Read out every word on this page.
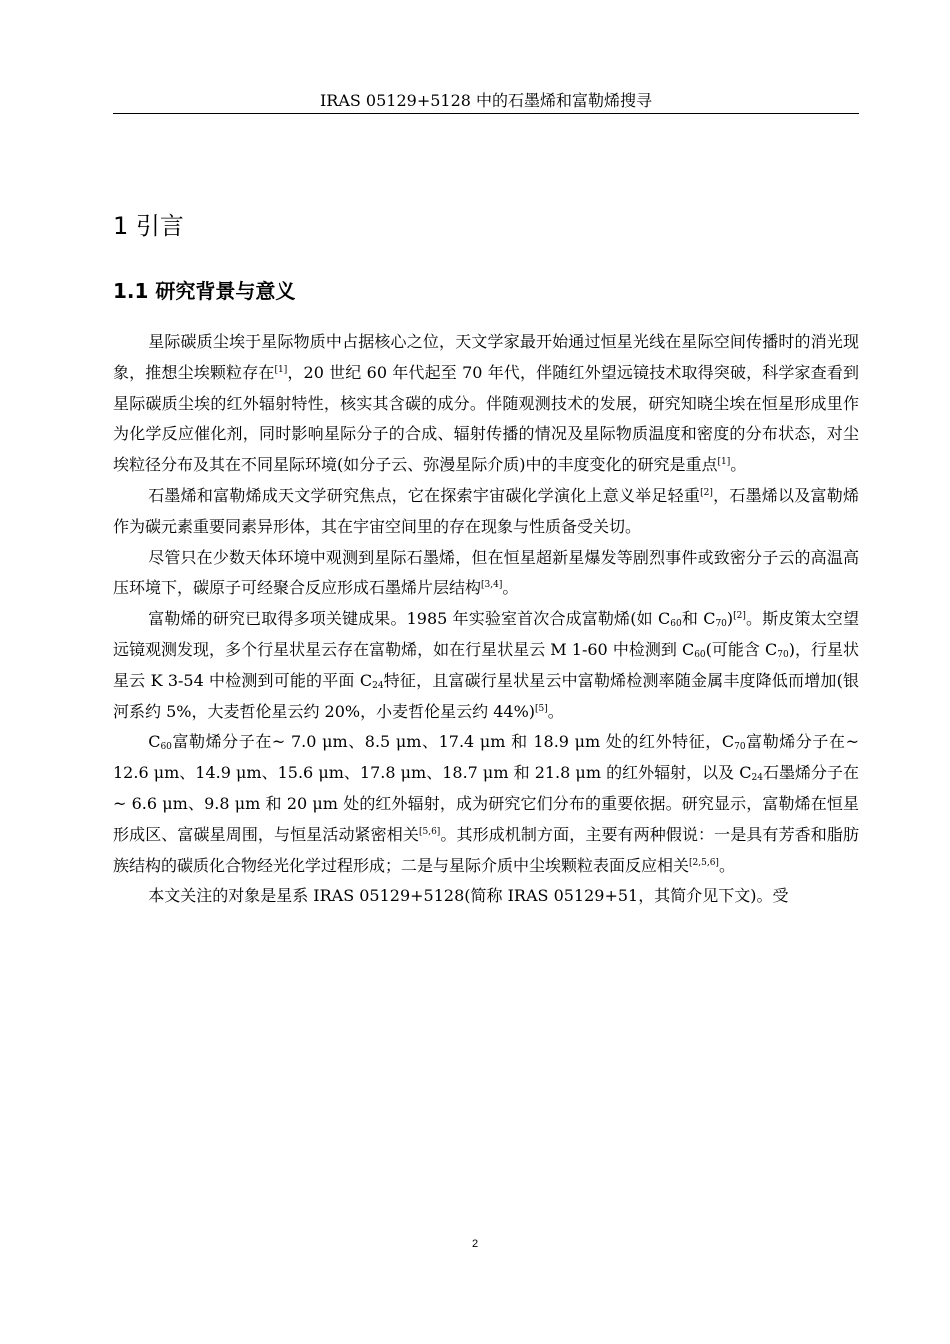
IRAS 05129+5128 中的石墨烯和富勒烯搜寻
1 引言
1.1 研究背景与意义

星际碳质尘埃于星际物质中占据核心之位，天文学家最开始通过恒星光线在星际空间传播时的消光现象，推想尘埃颗粒存在[1]，20 世纪 60 年代起至 70 年代，伴随红外望远镜技术取得突破，科学家查看到星际碳质尘埃的红外辐射特性，核实其含碳的成分。伴随观测技术的发展，研究知晓尘埃在恒星形成里作为化学反应催化剂，同时影响星际分子的合成、辐射传播的情况及星际物质温度和密度的分布状态，对尘埃粒径分布及其在不同星际环境(如分子云、弥漫星际介质)中的丰度变化的研究是重点[1]。

石墨烯和富勒烯成天文学研究焦点，它在探索宇宙碳化学演化上意义举足轻重[2]，石墨烯以及富勒烯作为碳元素重要同素异形体，其在宇宙空间里的存在现象与性质备受关切。

尽管只在少数天体环境中观测到星际石墨烯，但在恒星超新星爆发等剧烈事件或致密分子云的高温高压环境下，碳原子可经聚合反应形成石墨烯片层结构[3,4]。

富勒烯的研究已取得多项关键成果。1985 年实验室首次合成富勒烯(如 $C_{60}$和 $C_{70})[2]$。斯皮策太空望远镜观测发现，多个行星状星云存在富勒烯，如在行星状星云 M 1-60 中检测到 $C_{60}$(可能含 $C_{70}$)，行星状星云 K 3-54 中检测到可能的平面 $C_{24}$特征，且富碳行星状星云中富勒烯检测率随金属丰度降低而增加(银河系约 5%，大麦哲伦星云约 20%，小麦哲伦星云约 44%)[5]。

$C_{60}$富勒烯分子在~ 7.0 μm、8.5 μm、17.4 μm 和 18.9 μm 处的红外特征，$C_{70}$富勒烯分子在~ 12.6 μm、14.9 μm、15.6 μm、17.8 μm、18.7 μm 和 21.8 μm 的红外辐射，以及 $C_{24}$石墨烯分子在~ 6.6 μm、9.8 μm 和 20 μm 处的红外辐射，成为研究它们分布的重要依据。研究显示，富勒烯在恒星形成区、富碳星周围，与恒星活动紧密相关[5,6]。其形成机制方面，主要有两种假说：一是具有芳香和脂肪族结构的碳质化合物经光化学过程形成；二是与星际介质中尘埃颗粒表面反应相关[2,5,6]。

本文关注的对象是星系 IRAS 05129+5128(简称 IRAS 05129+51，其简介见下文)。受

2
